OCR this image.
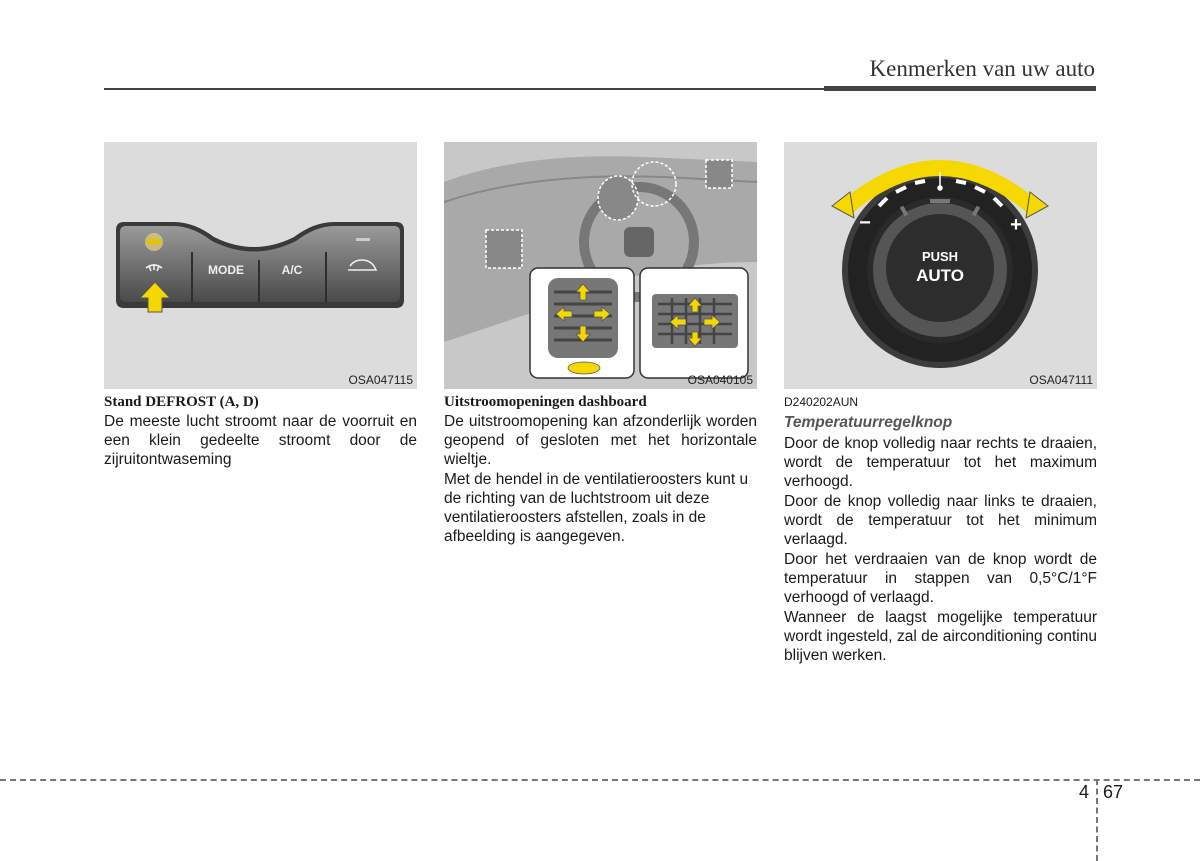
Kenmerken van uw auto
MODE	A/C
OSA047115	OSA040105
−	+
PUSH
AUTO
OSA047111

Stand DEFROST (A, D)

De meeste lucht stroomt naar de voorruit en een klein gedeelte stroomt door de zijruitontwaseming

Uitstroomopeningen dashboard

De uitstroomopening kan afzonderlijk worden geopend of gesloten met het horizontale wieltje.

Met de hendel in de ventilatieroosters kunt u de richting van de luchtstroom uit deze ventilatieroosters afstellen, zoals in de afbeelding is aangegeven.

D240202AUN

Temperatuurregelknop

Door de knop volledig naar rechts te draaien, wordt de temperatuur tot het maximum verhoogd.

Door de knop volledig naar links te draaien, wordt de temperatuur tot het minimum verlaagd.

Door het verdraaien van de knop wordt de temperatuur in stappen van 0,5°C/1°F verhoogd of verlaagd.

Wanneer de laagst mogelijke temperatuur wordt ingesteld, zal de airconditioning continu blijven werken.

4 67
